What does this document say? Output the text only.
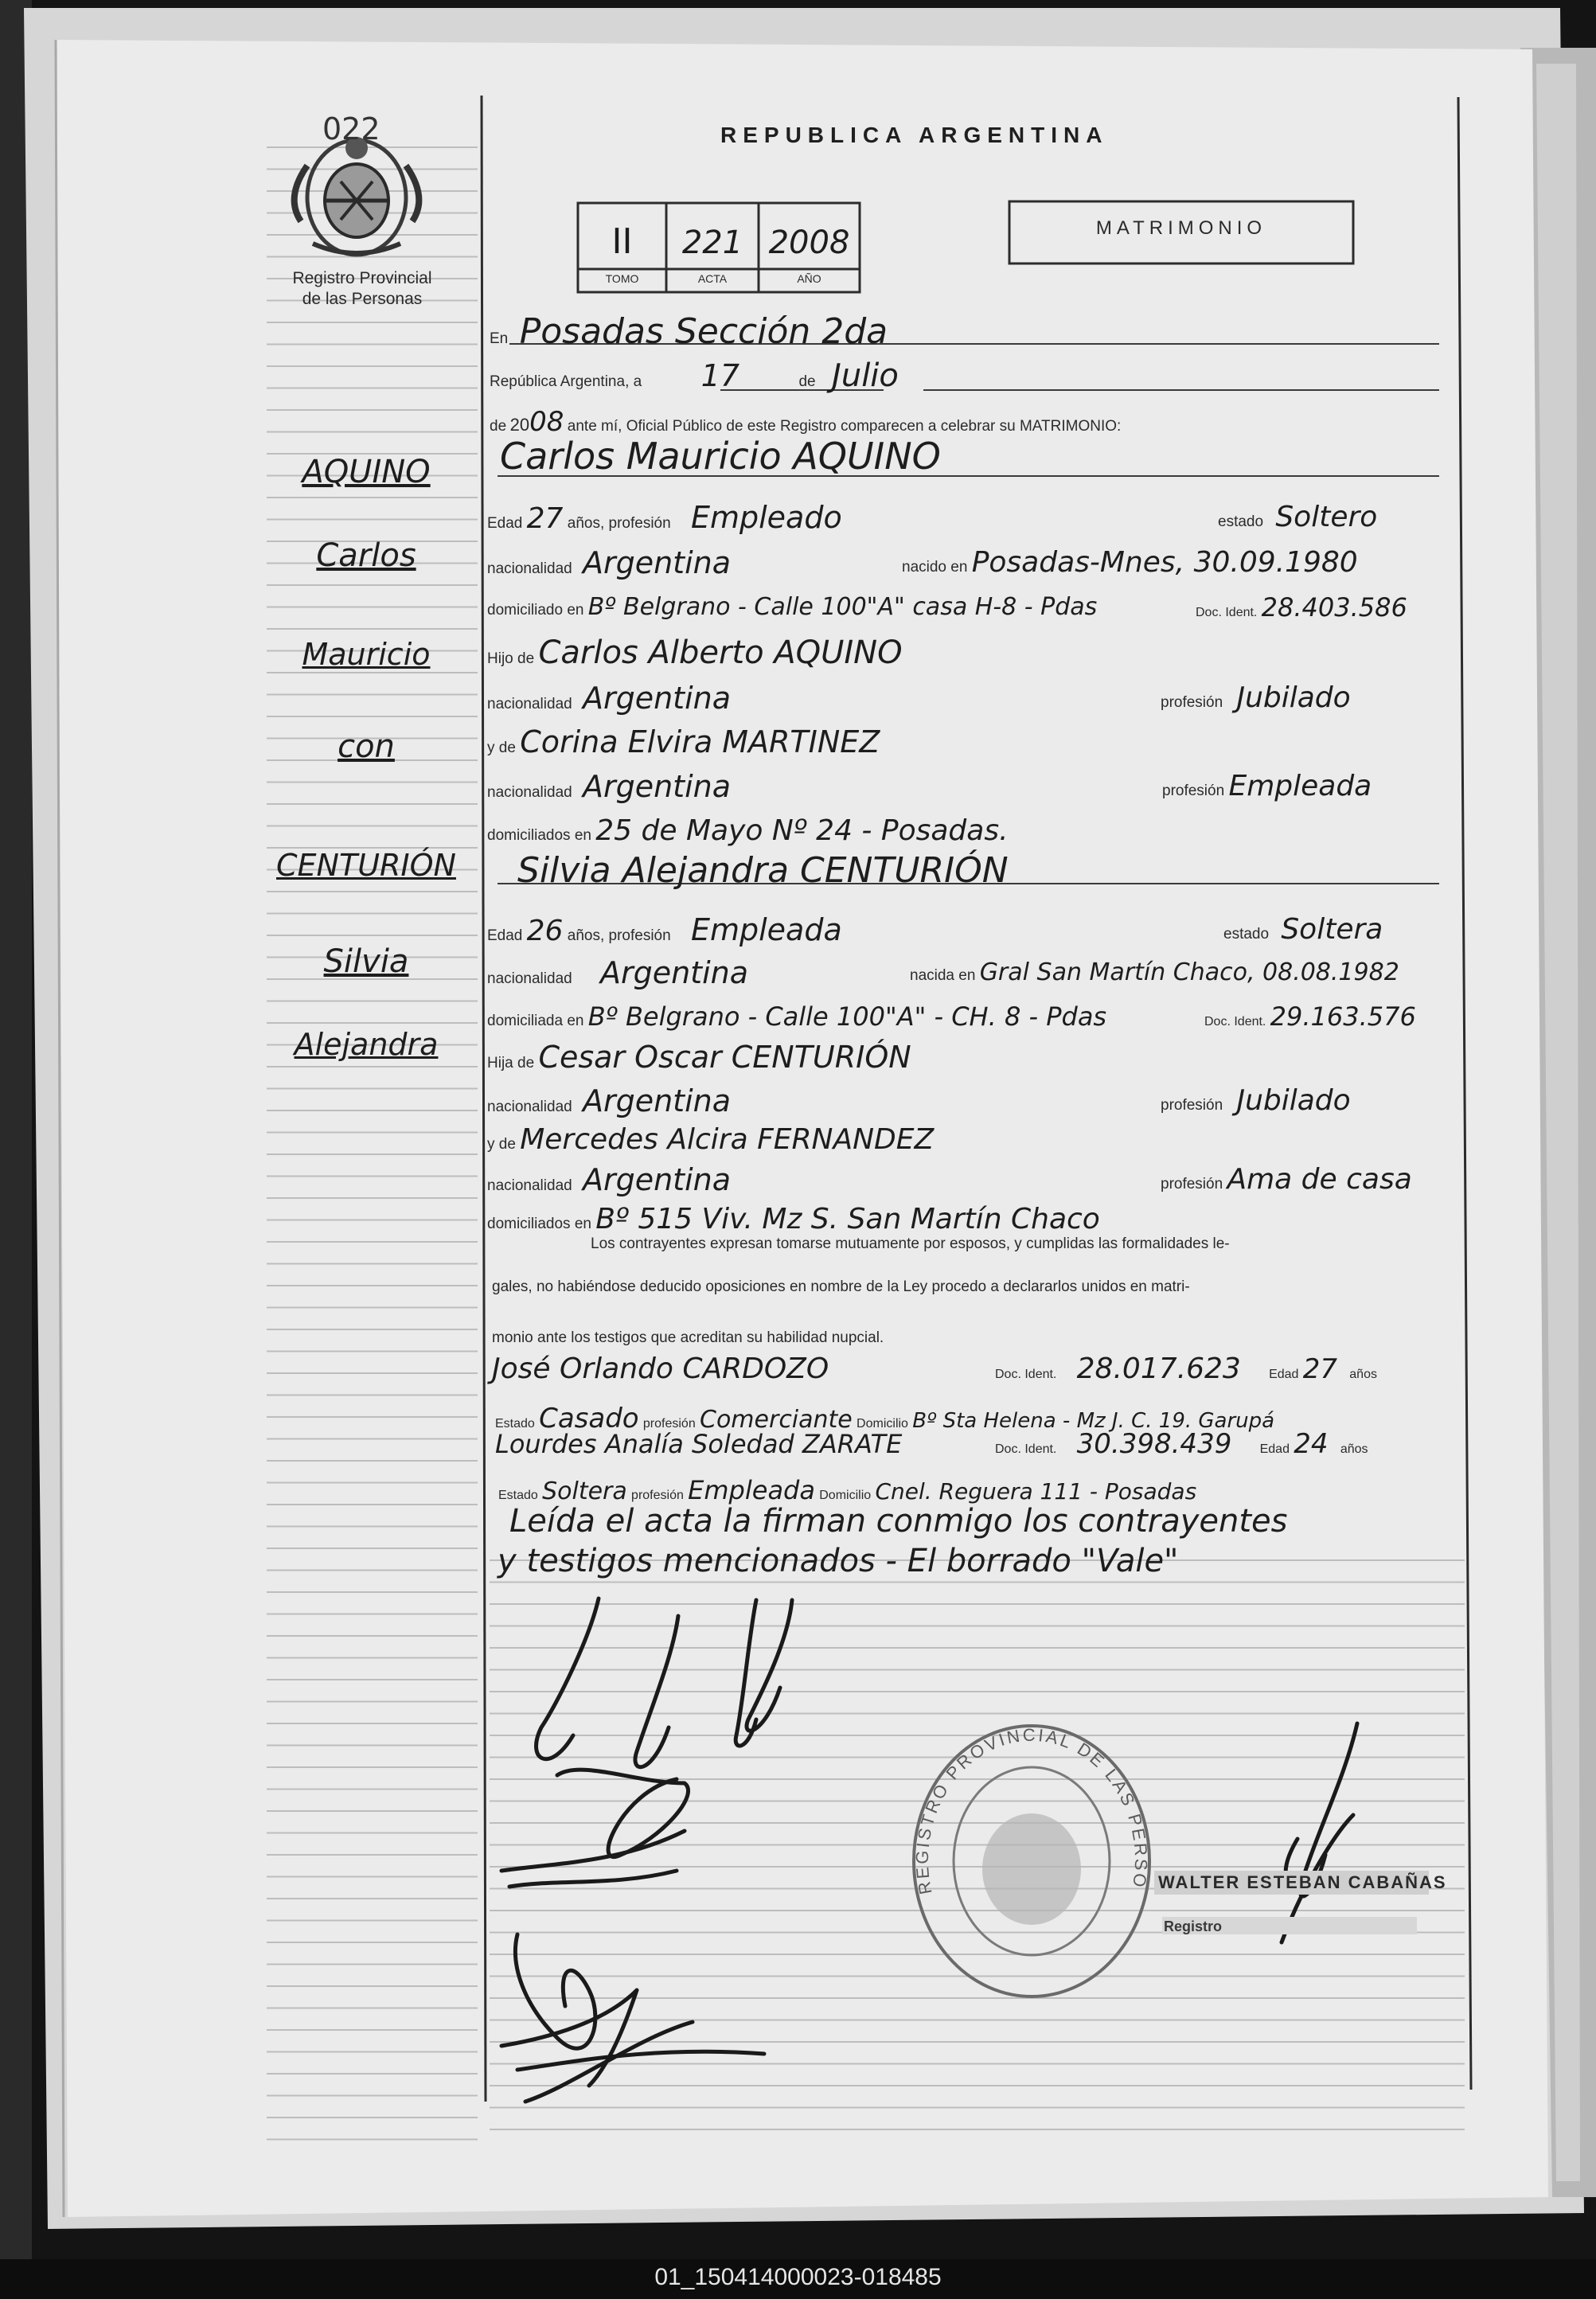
REGISTRO PROVINCIAL DE LAS PERSO
022
Registro Provincial
de las Personas
REPUBLICA ARGENTINA
MATRIMONIO
II	221 2008
TOMO	ACTA	AÑO
AQUINO
Carlos
Mauricio
con
CENTURIÓN
Silvia
Alejandra
En Posadas Sección 2da
República Argentina, a 17	de Julio
de 2008 ante mí, Oficial Público de este Registro comparecen a celebrar su MATRIMONIO:
Carlos Mauricio AQUINO
Edad 27 años, profesión Empleado	estado Soltero
nacionalidad Argentina	nacido en Posadas-Mnes, 30.09.1980
domiciliado en Bº Belgrano - Calle 100"A" casa H-8 - Pdas	Doc. Ident. 28.403.586
Hijo de Carlos Alberto AQUINO
nacionalidad Argentina	profesión Jubilado
y de Corina Elvira MARTINEZ
nacionalidad Argentina	profesión Empleada
domiciliados en 25 de Mayo Nº 24 - Posadas.
Silvia Alejandra CENTURIÓN
Edad 26 años, profesión Empleada	estado Soltera
nacionalidad Argentina	nacida en Gral San Martín Chaco, 08.08.1982
domiciliada en Bº Belgrano - Calle 100"A" - CH. 8 - Pdas	Doc. Ident. 29.163.576
Hija de Cesar Oscar CENTURIÓN
nacionalidad Argentina	profesión Jubilado
y de Mercedes Alcira FERNANDEZ
nacionalidad Argentina	profesión Ama de casa
domiciliados en Bº 515 Viv. Mz S. San Martín Chaco
Los contrayentes expresan tomarse mutuamente por esposos, y cumplidas las formalidades le-
gales, no habiéndose deducido oposiciones en nombre de la Ley procedo a declararlos unidos en matri-
monio ante los testigos que acreditan su habilidad nupcial.
José Orlando CARDOZO	Doc. Ident. 28.017.623 Edad 27 años
Estado Casado profesión Comerciante Domicilio Bº Sta Helena - Mz J. C. 19. Garupá
Lourdes Analía Soledad ZARATE	Doc. Ident. 30.398.439 Edad 24 años
Estado Soltera profesión Empleada Domicilio Cnel. Reguera 111 - Posadas
Leída el acta la firman conmigo los contrayentes
y testigos mencionados - El borrado "Vale"
WALTER ESTEBAN CABAÑAS
Registro
01_150414000023-018485
